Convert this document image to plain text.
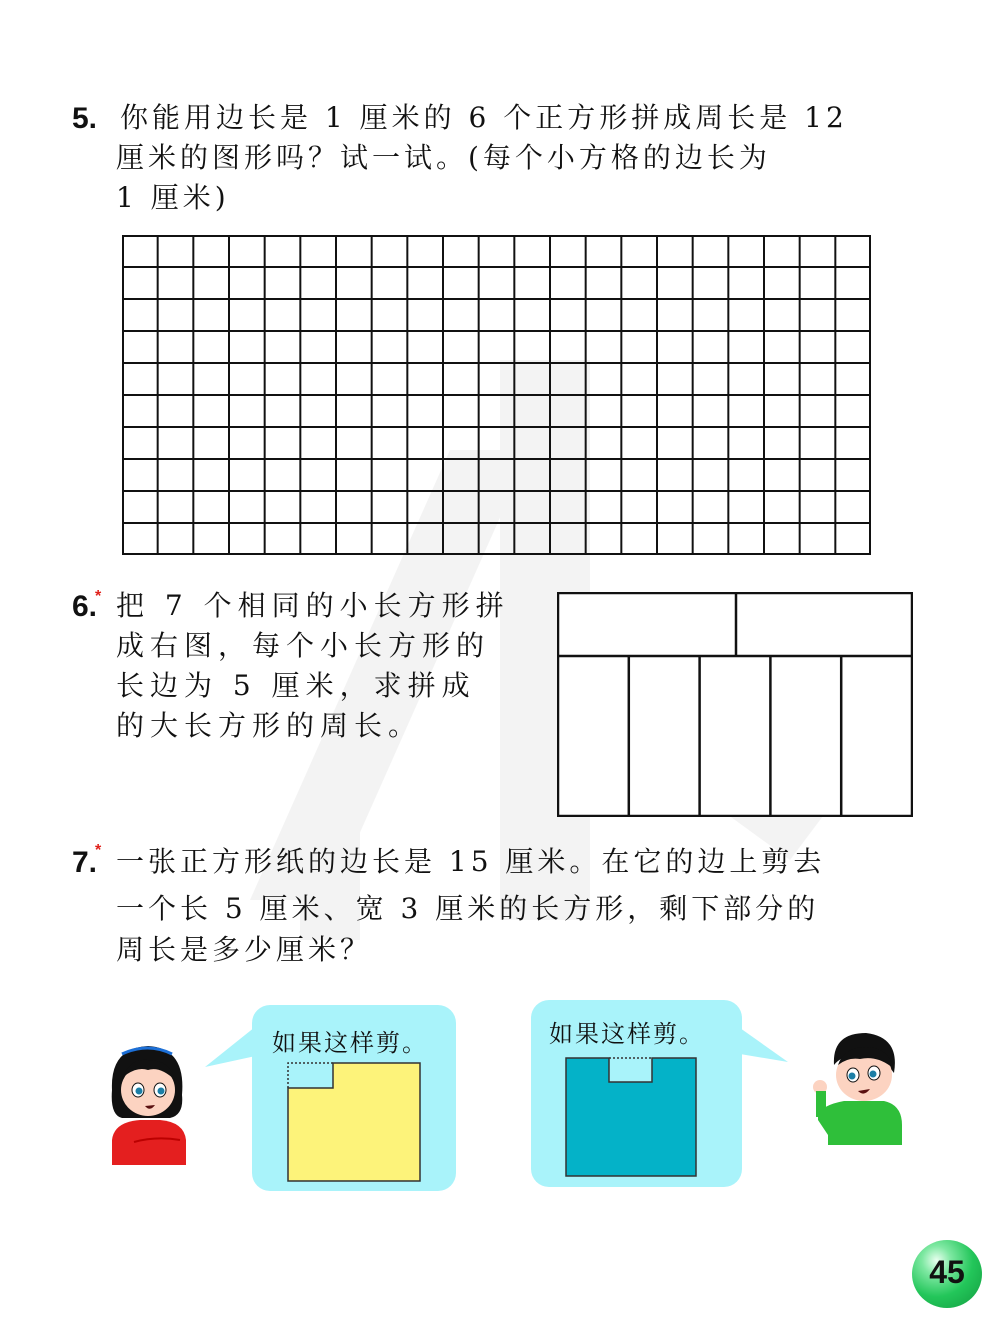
5. 你能用边长是 1 厘米的 6 个正方形拼成周长是 12
厘米的图形吗？试一试。(每个小方格的边长为
1 厘米)
6.
* 把 7 个相同的小长方形拼
成右图，每个小长方形的
长边为 5 厘米，求拼成
的大长方形的周长。
7.
* 一张正方形纸的边长是 15 厘米。在它的边上剪去
一个长 5 厘米、宽 3 厘米的长方形，剩下部分的
周长是多少厘米？
如果这样剪。	如果这样剪。
45
